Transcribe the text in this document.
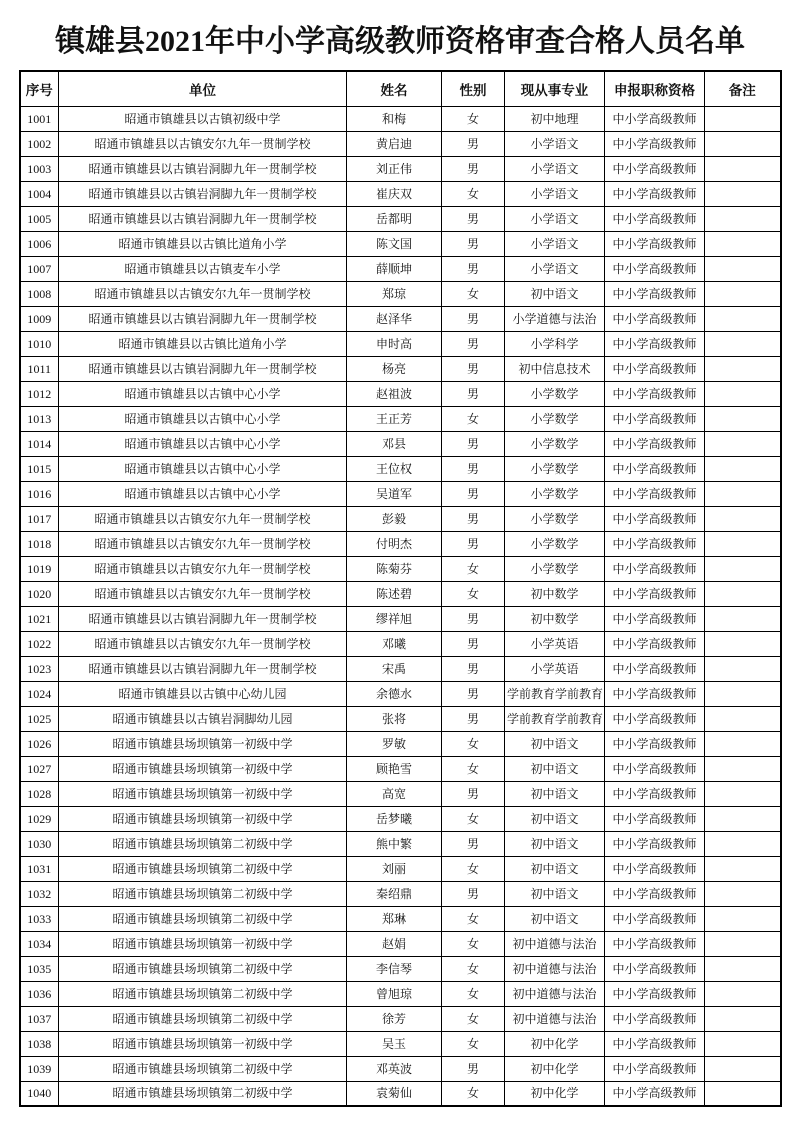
镇雄县2021年中小学高级教师资格审查合格人员名单
序号	单位	姓名	性别	现从事专业	申报职称资格	备注
1001	昭通市镇雄县以古镇初级中学	和梅	女	初中地理	中小学高级教师	
1002	昭通市镇雄县以古镇安尔九年一贯制学校	黄启迪	男	小学语文	中小学高级教师	
1003	昭通市镇雄县以古镇岩洞脚九年一贯制学校	刘正伟	男	小学语文	中小学高级教师	
1004	昭通市镇雄县以古镇岩洞脚九年一贯制学校	崔庆双	女	小学语文	中小学高级教师	
1005	昭通市镇雄县以古镇岩洞脚九年一贯制学校	岳都明	男	小学语文	中小学高级教师	
1006	昭通市镇雄县以古镇比道角小学	陈文国	男	小学语文	中小学高级教师	
1007	昭通市镇雄县以古镇麦车小学	薛顺坤	男	小学语文	中小学高级教师	
1008	昭通市镇雄县以古镇安尔九年一贯制学校	郑琼	女	初中语文	中小学高级教师	
1009	昭通市镇雄县以古镇岩洞脚九年一贯制学校	赵泽华	男	小学道德与法治	中小学高级教师	
1010	昭通市镇雄县以古镇比道角小学	申时高	男	小学科学	中小学高级教师	
1011	昭通市镇雄县以古镇岩洞脚九年一贯制学校	杨亮	男	初中信息技术	中小学高级教师	
1012	昭通市镇雄县以古镇中心小学	赵祖波	男	小学数学	中小学高级教师	
1013	昭通市镇雄县以古镇中心小学	王正芳	女	小学数学	中小学高级教师	
1014	昭通市镇雄县以古镇中心小学	邓县	男	小学数学	中小学高级教师	
1015	昭通市镇雄县以古镇中心小学	王位权	男	小学数学	中小学高级教师	
1016	昭通市镇雄县以古镇中心小学	吴道军	男	小学数学	中小学高级教师	
1017	昭通市镇雄县以古镇安尔九年一贯制学校	彭毅	男	小学数学	中小学高级教师	
1018	昭通市镇雄县以古镇安尔九年一贯制学校	付明杰	男	小学数学	中小学高级教师	
1019	昭通市镇雄县以古镇安尔九年一贯制学校	陈菊芬	女	小学数学	中小学高级教师	
1020	昭通市镇雄县以古镇安尔九年一贯制学校	陈述碧	女	初中数学	中小学高级教师	
1021	昭通市镇雄县以古镇岩洞脚九年一贯制学校	缪祥旭	男	初中数学	中小学高级教师	
1022	昭通市镇雄县以古镇安尔九年一贯制学校	邓曦	男	小学英语	中小学高级教师	
1023	昭通市镇雄县以古镇岩洞脚九年一贯制学校	宋禹	男	小学英语	中小学高级教师	
1024	昭通市镇雄县以古镇中心幼儿园	余德水	男	学前教育学前教育	中小学高级教师	
1025	昭通市镇雄县以古镇岩洞脚幼儿园	张将	男	学前教育学前教育	中小学高级教师	
1026	昭通市镇雄县场坝镇第一初级中学	罗敏	女	初中语文	中小学高级教师	
1027	昭通市镇雄县场坝镇第一初级中学	顾艳雪	女	初中语文	中小学高级教师	
1028	昭通市镇雄县场坝镇第一初级中学	高宽	男	初中语文	中小学高级教师	
1029	昭通市镇雄县场坝镇第一初级中学	岳梦曦	女	初中语文	中小学高级教师	
1030	昭通市镇雄县场坝镇第二初级中学	熊中繁	男	初中语文	中小学高级教师	
1031	昭通市镇雄县场坝镇第二初级中学	刘丽	女	初中语文	中小学高级教师	
1032	昭通市镇雄县场坝镇第二初级中学	秦绍鼎	男	初中语文	中小学高级教师	
1033	昭通市镇雄县场坝镇第二初级中学	郑琳	女	初中语文	中小学高级教师	
1034	昭通市镇雄县场坝镇第一初级中学	赵娟	女	初中道德与法治	中小学高级教师	
1035	昭通市镇雄县场坝镇第二初级中学	李信琴	女	初中道德与法治	中小学高级教师	
1036	昭通市镇雄县场坝镇第二初级中学	曾旭琼	女	初中道德与法治	中小学高级教师	
1037	昭通市镇雄县场坝镇第二初级中学	徐芳	女	初中道德与法治	中小学高级教师	
1038	昭通市镇雄县场坝镇第一初级中学	吴玉	女	初中化学	中小学高级教师	
1039	昭通市镇雄县场坝镇第二初级中学	邓英波	男	初中化学	中小学高级教师	
1040	昭通市镇雄县场坝镇第二初级中学	袁菊仙	女	初中化学	中小学高级教师	
